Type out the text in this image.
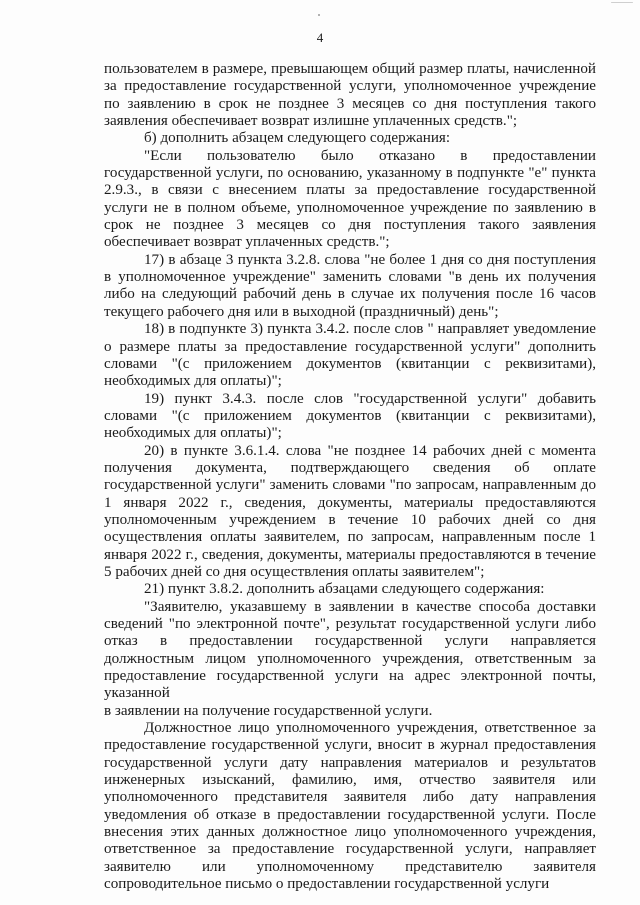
4

пользователем в размере, превышающем общий размер платы, начисленной за предоставление государственной услуги, уполномоченное учреждение по заявлению в срок не позднее 3 месяцев со дня поступления такого заявления обеспечивает возврат излишне уплаченных средств.";

б) дополнить абзацем следующего содержания:

"Если пользователю было отказано в предоставлении государственной услуги, по основанию, указанному в подпункте "е" пункта 2.9.3., в связи с внесением платы за предоставление государственной услуги не в полном объеме, уполномоченное учреждение по заявлению в срок не позднее 3 месяцев со дня поступления такого заявления обеспечивает возврат уплаченных средств.";

17) в абзаце 3 пункта 3.2.8. слова "не более 1 дня со дня поступления в уполномоченное учреждение" заменить словами "в день их получения либо на следующий рабочий день в случае их получения после 16 часов текущего рабочего дня или в выходной (праздничный) день";

18) в подпункте 3) пункта 3.4.2. после слов " направляет уведомление о размере платы за предоставление государственной услуги" дополнить словами "(с приложением документов (квитанции с реквизитами), необходимых для оплаты)";

19) пункт 3.4.3. после слов "государственной услуги" добавить словами "(с приложением документов (квитанции с реквизитами), необходимых для оплаты)";

20) в пункте 3.6.1.4. слова "не позднее 14 рабочих дней с момента получения документа, подтверждающего сведения об оплате государственной услуги" заменить словами "по запросам, направленным до 1 января 2022 г., сведения, документы, материалы предоставляются уполномоченным учреждением в течение 10 рабочих дней со дня осуществления оплаты заявителем, по запросам, направленным после 1 января 2022 г., сведения, документы, материалы предоставляются в течение 5 рабочих дней со дня осуществления оплаты заявителем";

21) пункт 3.8.2. дополнить абзацами следующего содержания:

"Заявителю, указавшему в заявлении в качестве способа доставки сведений "по электронной почте", результат государственной услуги либо отказ в предоставлении государственной услуги направляется должностным лицом уполномоченного учреждения, ответственным за предоставление государственной услуги на адрес электронной почты, указанной

в заявлении на получение государственной услуги.

Должностное лицо уполномоченного учреждения, ответственное за предоставление государственной услуги, вносит в журнал предоставления государственной услуги дату направления материалов и результатов инженерных изысканий, фамилию, имя, отчество заявителя или уполномоченного представителя заявителя либо дату направления уведомления об отказе в предоставлении государственной услуги. После внесения этих данных должностное лицо уполномоченного учреждения, ответственное за предоставление государственной услуги, направляет заявителю или уполномоченному представителю заявителя сопроводительное письмо о предоставлении государственной услуги
